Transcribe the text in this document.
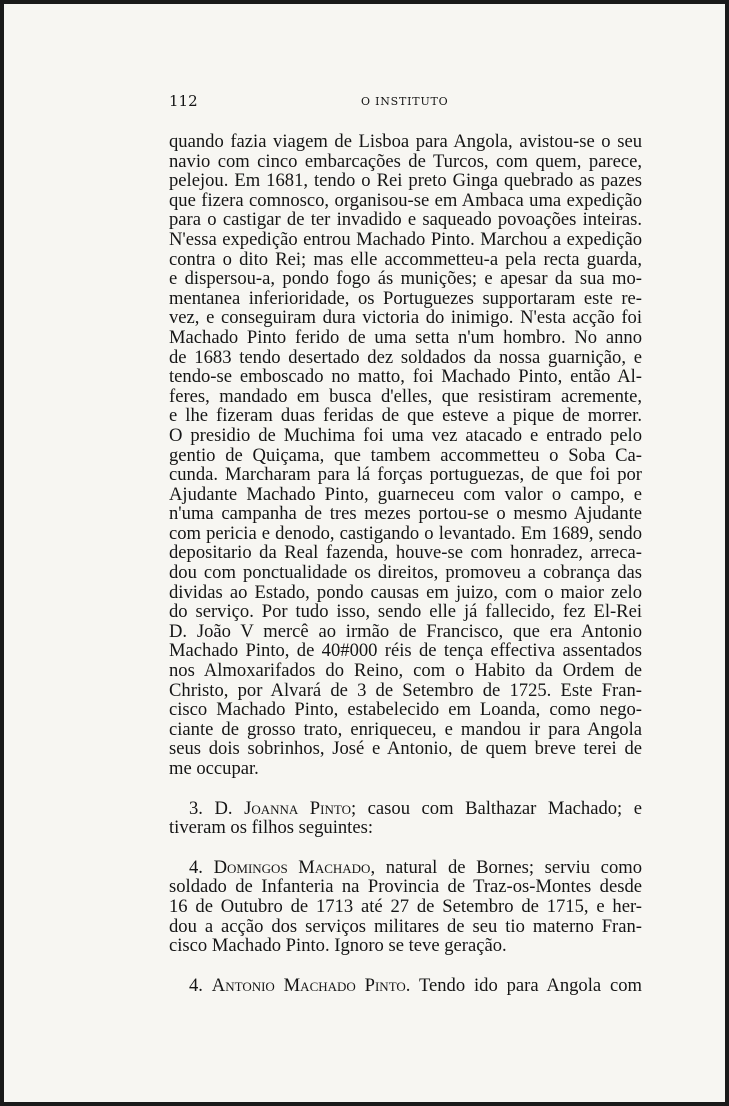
112	O INSTITUTO

quando fazia viagem de Lisboa para Angola, avistou-se o seu
navio com cinco embarcações de Turcos, com quem, parece,
pelejou. Em 1681, tendo o Rei preto Ginga quebrado as pazes
que fizera comnosco, organisou-se em Ambaca uma expedição
para o castigar de ter invadido e saqueado povoações inteiras.
N'essa expedição entrou Machado Pinto. Marchou a expedição
contra o dito Rei; mas elle accommetteu-a pela recta guarda,
e dispersou-a, pondo fogo ás munições; e apesar da sua mo-
mentanea inferioridade, os Portuguezes supportaram este re-
vez, e conseguiram dura victoria do inimigo. N'esta acção foi
Machado Pinto ferido de uma setta n'um hombro. No anno
de 1683 tendo desertado dez soldados da nossa guarnição, e
tendo-se emboscado no matto, foi Machado Pinto, então Al-
feres, mandado em busca d'elles, que resistiram acremente,
e lhe fizeram duas feridas de que esteve a pique de morrer.
O presidio de Muchima foi uma vez atacado e entrado pelo
gentio de Quiçama, que tambem accommetteu o Soba Ca-
cunda. Marcharam para lá forças portuguezas, de que foi por
Ajudante Machado Pinto, guarneceu com valor o campo, e
n'uma campanha de tres mezes portou-se o mesmo Ajudante
com pericia e denodo, castigando o levantado. Em 1689, sendo
depositario da Real fazenda, houve-se com honradez, arreca-
dou com ponctualidade os direitos, promoveu a cobrança das
dividas ao Estado, pondo causas em juizo, com o maior zelo
do serviço. Por tudo isso, sendo elle já fallecido, fez El-Rei
D. João V mercê ao irmão de Francisco, que era Antonio
Machado Pinto, de 40#000 réis de tença effectiva assentados
nos Almoxarifados do Reino, com o Habito da Ordem de
Christo, por Alvará de 3 de Setembro de 1725. Este Fran-
cisco Machado Pinto, estabelecido em Loanda, como nego-
ciante de grosso trato, enriqueceu, e mandou ir para Angola
seus dois sobrinhos, José e Antonio, de quem breve terei de
me occupar.

3. D. Joanna Pinto; casou com Balthazar Machado; e
tiveram os filhos seguintes:

4. Domingos Machado, natural de Bornes; serviu como
soldado de Infanteria na Provincia de Traz-os-Montes desde
16 de Outubro de 1713 até 27 de Setembro de 1715, e her-
dou a acção dos serviços militares de seu tio materno Fran-
cisco Machado Pinto. Ignoro se teve geração.

4. Antonio Machado Pinto. Tendo ido para Angola com
